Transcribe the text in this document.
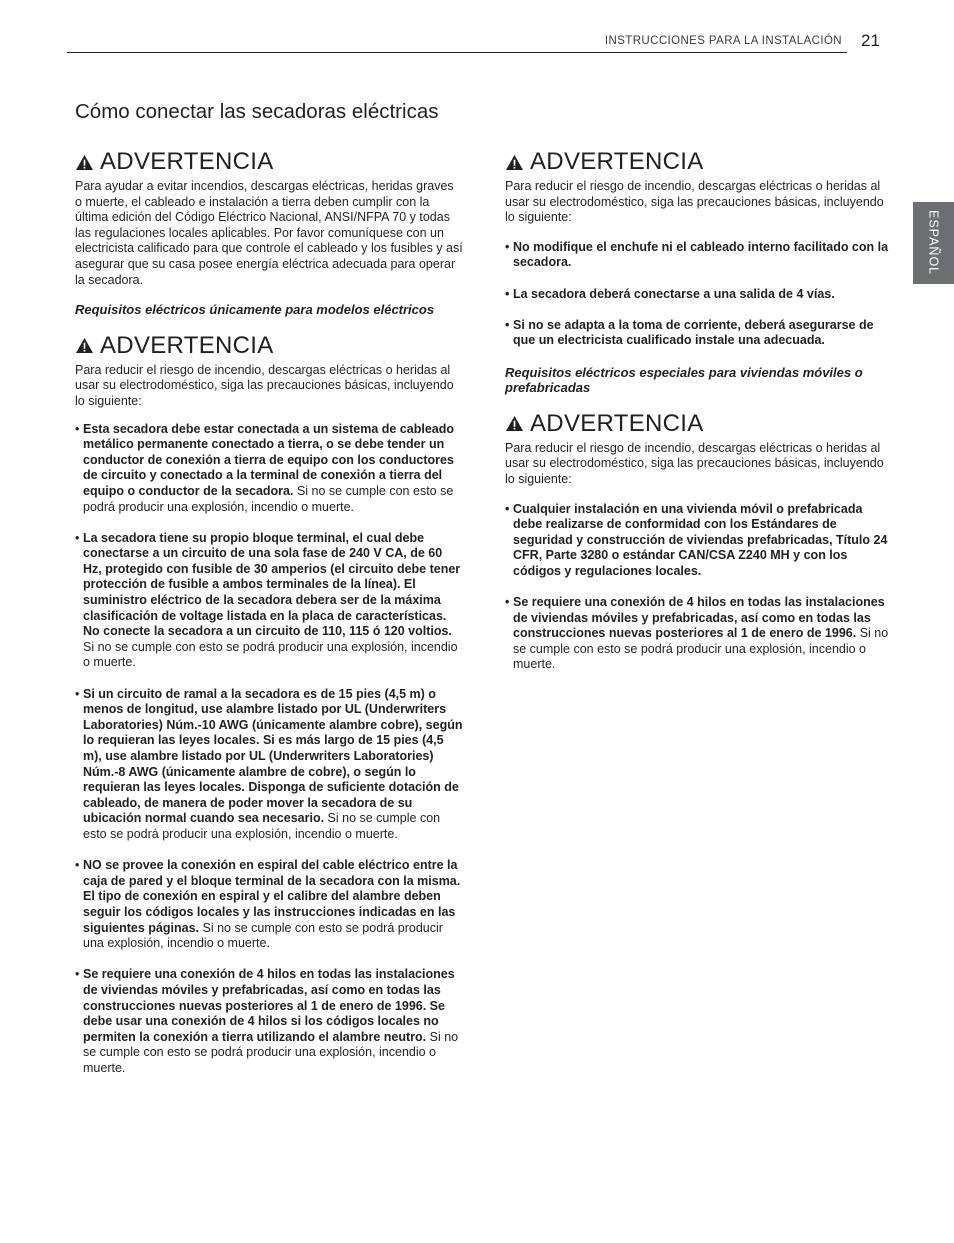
INSTRUCCIONES PARA LA INSTALACIÓN 21
ESPAÑOL
Cómo conectar las secadoras eléctricas
ADVERTENCIA

Para ayudar a evitar incendios, descargas eléctricas, heridas graves o muerte, el cableado e instalación a tierra deben cumplir con la última edición del Código Eléctrico Nacional, ANSI/NFPA 70 y todas las regulaciones locales aplicables. Por favor comuníquese con un electricista calificado para que controle el cableado y los fusibles y así asegurar que su casa posee energía eléctrica adecuada para operar la secadora.

Requisitos eléctricos únicamente para modelos eléctricos

ADVERTENCIA

Para reducir el riesgo de incendio, descargas eléctricas o heridas al usar su electrodoméstico, siga las precauciones básicas, incluyendo lo siguiente:

• Esta secadora debe estar conectada a un sistema de cableado metálico permanente conectado a tierra, o se debe tender un conductor de conexión a tierra de equipo con los conductores de circuito y conectado a la terminal de conexión a tierra del equipo o conductor de la secadora. Si no se cumple con esto se podrá producir una explosión, incendio o muerte.
• La secadora tiene su propio bloque terminal, el cual debe conectarse a un circuito de una sola fase de 240 V CA, de 60 Hz, protegido con fusible de 30 amperios (el circuito debe tener protección de fusible a ambos terminales de la línea). El suministro eléctrico de la secadora debera ser de la máxima clasificación de voltage listada en la placa de características. No conecte la secadora a un circuito de 110, 115 ó 120 voltios. Si no se cumple con esto se podrá producir una explosión, incendio o muerte.
• Si un circuito de ramal a la secadora es de 15 pies (4,5 m) o menos de longitud, use alambre listado por UL (Underwriters Laboratories) Núm.-10 AWG (únicamente alambre cobre), según lo requieran las leyes locales. Si es más largo de 15 pies (4,5 m), use alambre listado por UL (Underwriters Laboratories) Núm.-8 AWG (únicamente alambre de cobre), o según lo requieran las leyes locales. Disponga de suficiente dotación de cableado, de manera de poder mover la secadora de su ubicación normal cuando sea necesario. Si no se cumple con esto se podrá producir una explosión, incendio o muerte.
• NO se provee la conexión en espiral del cable eléctrico entre la caja de pared y el bloque terminal de la secadora con la misma. El tipo de conexión en espiral y el calibre del alambre deben seguir los códigos locales y las instrucciones indicadas en las siguientes páginas. Si no se cumple con esto se podrá producir una explosión, incendio o muerte.
• Se requiere una conexión de 4 hilos en todas las instalaciones de viviendas móviles y prefabricadas, así como en todas las construcciones nuevas posteriores al 1 de enero de 1996. Se debe usar una conexión de 4 hilos si los códigos locales no permiten la conexión a tierra utilizando el alambre neutro. Si no se cumple con esto se podrá producir una explosión, incendio o muerte.
ADVERTENCIA

Para reducir el riesgo de incendio, descargas eléctricas o heridas al usar su electrodoméstico, siga las precauciones básicas, incluyendo lo siguiente:

• No modifique el enchufe ni el cableado interno facilitado con la secadora.
• La secadora deberá conectarse a una salida de 4 vías.
• Si no se adapta a la toma de corriente, deberá asegurarse de que un electricista cualificado instale una adecuada.

Requisitos eléctricos especiales para viviendas móviles o prefabricadas

ADVERTENCIA

Para reducir el riesgo de incendio, descargas eléctricas o heridas al usar su electrodoméstico, siga las precauciones básicas, incluyendo lo siguiente:

• Cualquier instalación en una vivienda móvil o prefabricada debe realizarse de conformidad con los Estándares de seguridad y construcción de viviendas prefabricadas, Título 24 CFR, Parte 3280 o estándar CAN/CSA Z240 MH y con los códigos y regulaciones locales.
• Se requiere una conexión de 4 hilos en todas las instalaciones de viviendas móviles y prefabricadas, así como en todas las construcciones nuevas posteriores al 1 de enero de 1996. Si no se cumple con esto se podrá producir una explosión, incendio o muerte.
